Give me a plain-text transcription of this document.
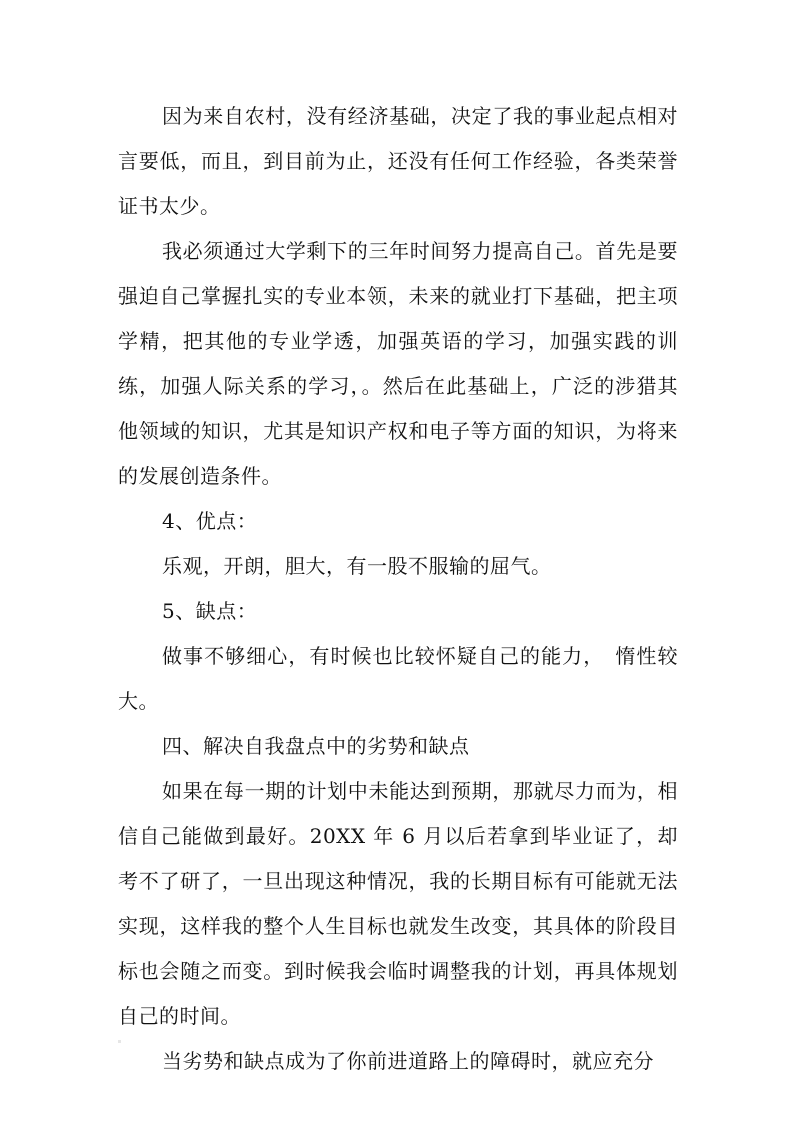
因为来自农村，没有经济基础，决定了我的事业起点相对言要低，而且，到目前为止，还没有任何工作经验，各类荣誉证书太少。

我必须通过大学剩下的三年时间努力提高自己。首先是要强迫自己掌握扎实的专业本领，未来的就业打下基础，把主项学精，把其他的专业学透，加强英语的学习，加强实践的训练，加强人际关系的学习，。然后在此基础上，广泛的涉猎其他领域的知识，尤其是知识产权和电子等方面的知识，为将来的发展创造条件。

4、优点：

乐观，开朗，胆大，有一股不服输的屈气。

5、缺点：

做事不够细心，有时候也比较怀疑自己的能力，　惰性较大。

四、解决自我盘点中的劣势和缺点

如果在每一期的计划中未能达到预期，那就尽力而为，相信自己能做到最好。20XX 年 6 月以后若拿到毕业证了，却考不了研了，一旦出现这种情况，我的长期目标有可能就无法实现，这样我的整个人生目标也就发生改变，其具体的阶段目标也会随之而变。到时候我会临时调整我的计划，再具体规划自己的时间。

当劣势和缺点成为了你前进道路上的障碍时，就应充分
